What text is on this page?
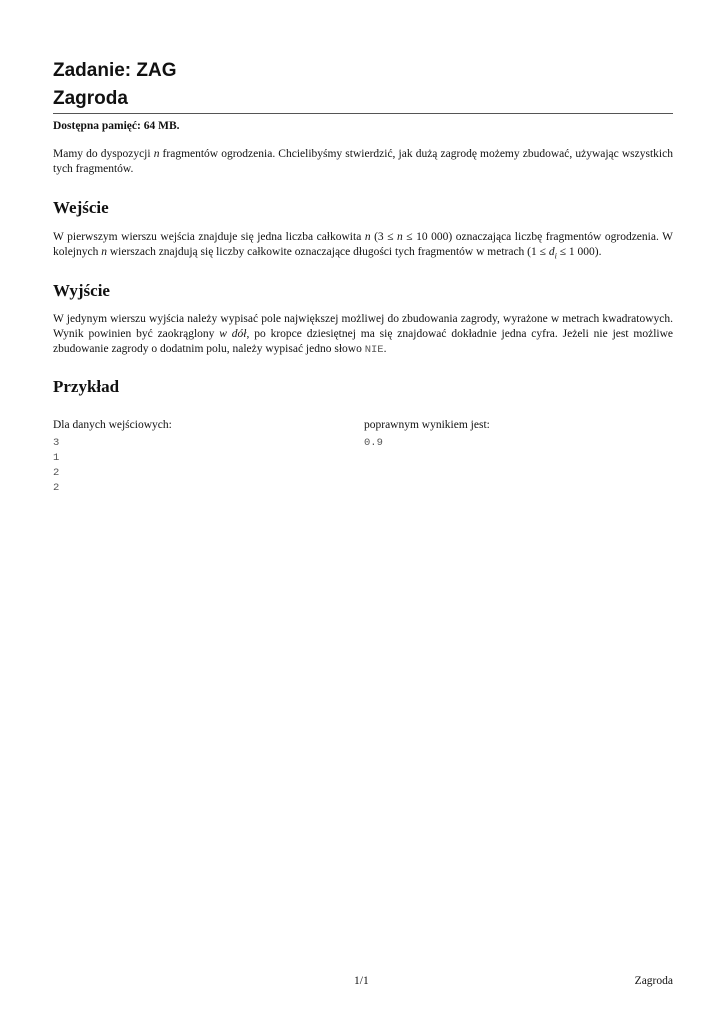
Zadanie: ZAG
Zagroda
Dostępna pamięć: 64 MB.

Mamy do dyspozycji n fragmentów ogrodzenia. Chcielibyśmy stwierdzić, jak dużą zagrodę możemy zbudować, używając wszystkich tych fragmentów.

Wejście

W pierwszym wierszu wejścia znajduje się jedna liczba całkowita n (3 ≤ n ≤ 10 000) oznaczająca liczbę fragmentów ogrodzenia. W kolejnych n wierszach znajdują się liczby całkowite oznaczające długości tych fragmentów w metrach ($1 \le d_i \le 1$ 000).

Wyjście

W jedynym wierszu wyjścia należy wypisać pole największej możliwej do zbudowania zagrody, wyrażone w metrach kwadratowych. Wynik powinien być zaokrąglony w dół, po kropce dziesiętnej ma się znajdować dokładnie jedna cyfra. Jeżeli nie jest możliwe zbudowanie zagrody o dodatnim polu, należy wypisać jedno słowo NIE.

Przykład
Dla danych wejściowych:	poprawnym wynikiem jest:
3
1
2
2
0.9
1/1	Zagroda
